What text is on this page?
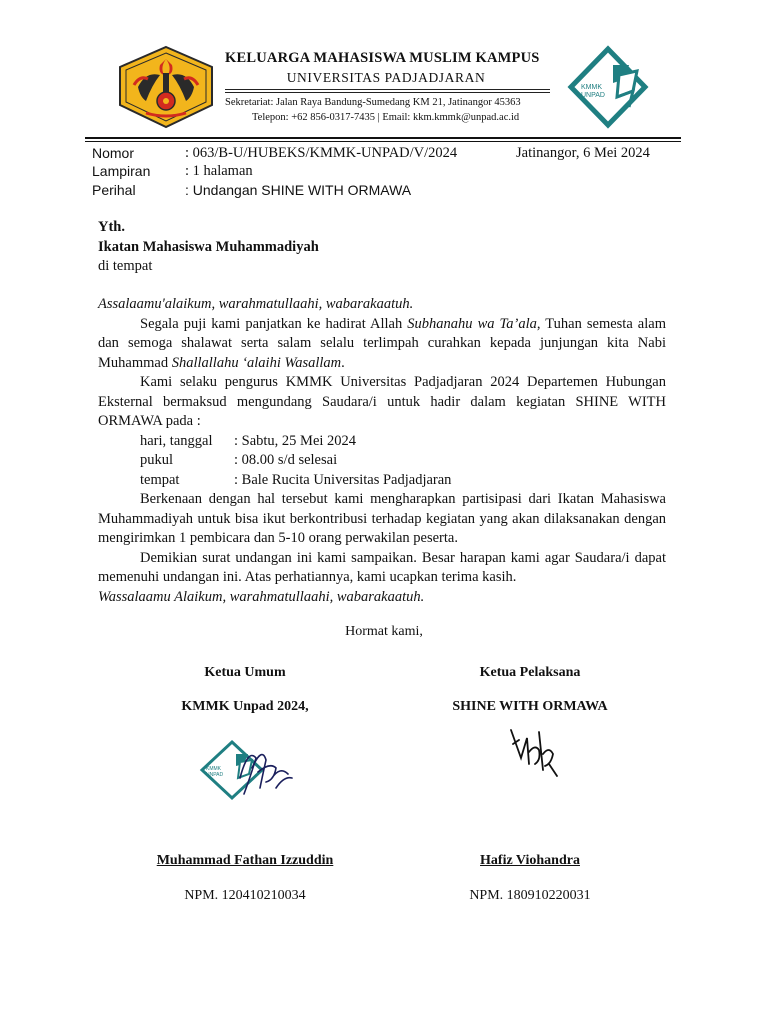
KELUARGA MAHASISWA MUSLIM KAMPUS
UNIVERSITAS PADJADJARAN
Sekretariat: Jalan Raya Bandung-Sumedang KM 21, Jatinangor 45363
Telepon: +62 856-0317-7435 | Email: kkm.kmmk@unpad.ac.id
KMMK
UNPAD
Nomor	: 063/B-U/HUBEKS/KMMK-UNPAD/V/2024	Jatinangor, 6 Mei 2024
Lampiran : 1 halaman
Perihal	: Undangan SHINE WITH ORMAWA
Yth.
Ikatan Mahasiswa Muhammadiyah
di tempat

Assalaamu'alaikum, warahmatullaahi, wabarakaatuh.

Segala puji kami panjatkan ke hadirat Allah Subhanahu wa Ta’ala, Tuhan semesta alam dan semoga shalawat serta salam selalu terlimpah curahkan kepada junjungan kita Nabi Muhammad Shallallahu ‘alaihi Wasallam.

Kami selaku pengurus KMMK Universitas Padjadjaran 2024 Departemen Hubungan Eksternal bermaksud mengundang Saudara/i untuk hadir dalam kegiatan SHINE WITH ORMAWA pada :

hari, tanggal	: Sabtu, 25 Mei 2024
pukul	: 08.00 s/d selesai
tempat	: Bale Rucita Universitas Padjadjaran

Berkenaan dengan hal tersebut kami mengharapkan partisipasi dari Ikatan Mahasiswa Muhammadiyah untuk bisa ikut berkontribusi terhadap kegiatan yang akan dilaksanakan dengan mengirimkan 1 pembicara dan 5-10 orang perwakilan peserta.

Demikian surat undangan ini kami sampaikan. Besar harapan kami agar Saudara/i dapat memenuhi undangan ini. Atas perhatiannya, kami ucapkan terima kasih.

Wassalaamu Alaikum, warahmatullaahi, wabarakaatuh.

Hormat kami,
Ketua Umum
KMMK Unpad 2024,
Ketua Pelaksana
SHINE WITH ORMAWA
KMMK
UNPAD
Muhammad Fathan Izzuddin
NPM. 120410210034
Hafiz Viohandra
NPM. 180910220031
